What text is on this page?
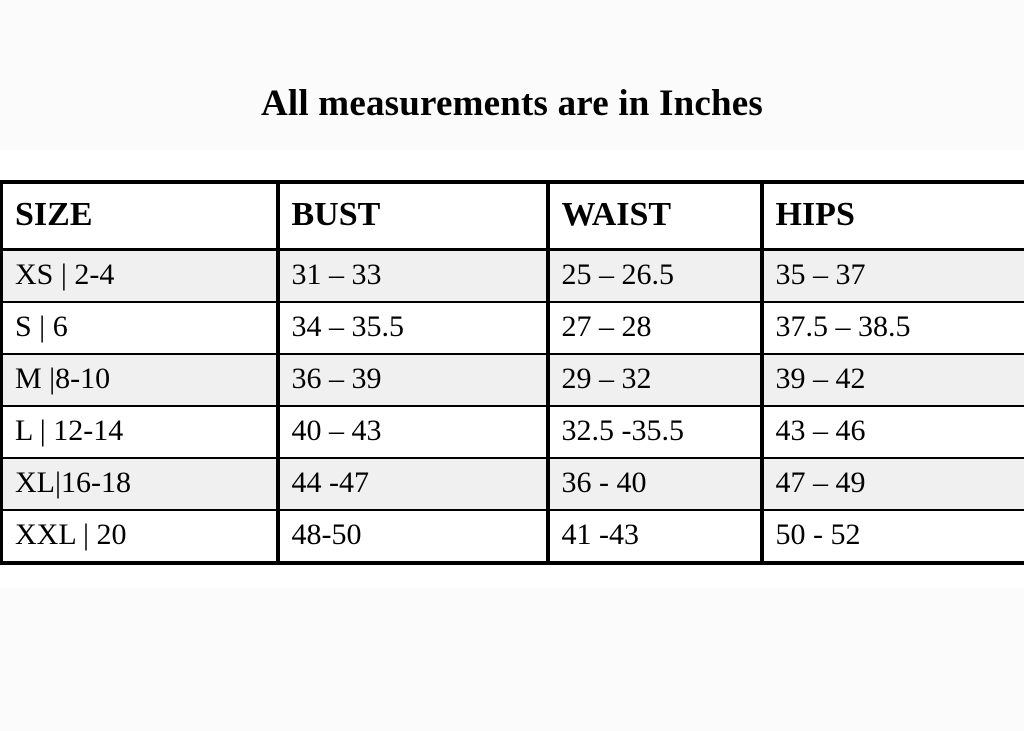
All measurements are in Inches
SIZE	BUST	WAIST	HIPS
XS | 2-4	31 – 33	25 – 26.5	35 – 37
S | 6	34 – 35.5	27 – 28	37.5 – 38.5
M |8-10	36 – 39	29 – 32	39 – 42
L | 12-14	40 – 43	32.5 -35.5	43 – 46
XL|16-18	44 -47	36 - 40	47 – 49
XXL | 20	48-50	41 -43	50 - 52
